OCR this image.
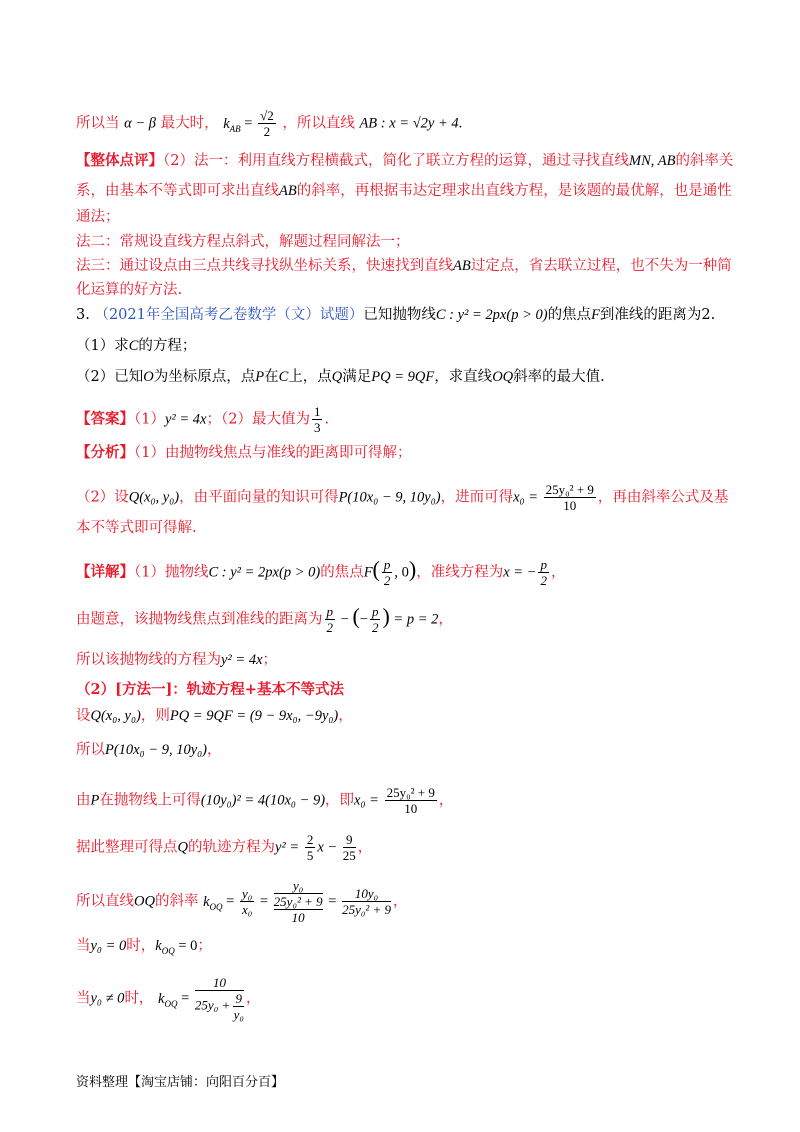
所以当 α − β 最大时， $k_{AB} = \frac{√2}{2}$ ，所以直线 AB : x = √2y + 4.
【整体点评】（2）法一：利用直线方程横截式，简化了联立方程的运算，通过寻找直线MN, AB的斜率关
系，由基本不等式即可求出直线AB的斜率，再根据韦达定理求出直线方程，是该题的最优解，也是通性
通法；
法二：常规设直线方程点斜式，解题过程同解法一；
法三：通过设点由三点共线寻找纵坐标关系，快速找到直线AB过定点，省去联立过程，也不失为一种简
化运算的好方法.
3. （2021年全国高考乙卷数学（文）试题）已知抛物线C : y² = 2px(p > 0)的焦点F到准线的距离为2.
（1）求C的方程；
（2）已知O为坐标原点，点P在C上，点Q满足PQ = 9QF，求直线OQ斜率的最大值.
【答案】（1）y² = 4x；（2）最大值为 $\frac{1}{3}$ .
【分析】（1）由抛物线焦点与准线的距离即可得解；
（2）设Q(x₀, y₀)，由平面向量的知识可得P(10x₀ − 9, 10y₀)，进而可得$x_0 = \frac{\text{25y₀² + 9}}{10}$ ，再由斜率公式及基
本不等式即可得解.
【详解】（1）抛物线C : y² = 2px(p > 0)的焦点$F( \frac{p}{2}$ , 0)，准线方程为x = − $\frac{p}{2}$ ，
由题意，该抛物线焦点到准线的距离为 $\frac{p}{2}$ − (− $\frac{p}{2}$ ) = p = 2，
所以该抛物线的方程为y² = 4x；
（2）[方法一]：轨迹方程+基本不等式法
设Q(x₀, y₀)，则PQ = 9QF = (9 − 9x₀, −9y₀)，
所以P(10x₀ − 9, 10y₀)，
由P在抛物线上可得(10y₀)² = 4(10x₀ − 9)，即$x_0 = \frac{\text{25y₀² + 9}}{10}$ ，
据此整理可得点Q的轨迹方程为$y^2 = \frac{2}{5}$ $x - \frac{9}{25}$ ，
所以直线OQ的斜率 $k_{OQ} = \frac{\text{y₀}}{\text{x₀}} = y_0$
25y₀² + 9
$10 = \frac{\text{10y₀}}{\text{25y₀² + 9}}$ ，
当y₀ = 0时，$k_{OQ} = 0$；
当y₀ ≠ 0时， $k_{OQ} = \frac{10}{25y_0 + \frac{9}{\text{y₀}}}$ ，
资料整理【淘宝店铺：向阳百分百】
